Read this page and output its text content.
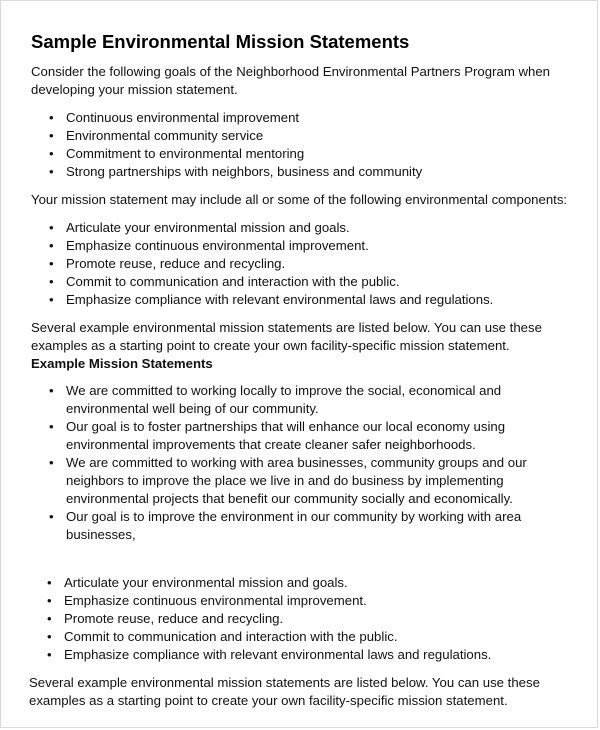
Sample Environmental Mission Statements

Consider the following goals of the Neighborhood Environmental Partners Program when developing your mission statement.

• Continuous environmental improvement
• Environmental community service
• Commitment to environmental mentoring
• Strong partnerships with neighbors, business and community

Your mission statement may include all or some of the following environmental components:

• Articulate your environmental mission and goals.
• Emphasize continuous environmental improvement.
• Promote reuse, reduce and recycling.
• Commit to communication and interaction with the public.
• Emphasize compliance with relevant environmental laws and regulations.

Several example environmental mission statements are listed below. You can use these examples as a starting point to create your own facility-specific mission statement.

Example Mission Statements

• We are committed to working locally to improve the social, economical and environmental well being of our community.
• Our goal is to foster partnerships that will enhance our local economy using environmental improvements that create cleaner safer neighborhoods.
• We are committed to working with area businesses, community groups and our neighbors to improve the place we live in and do business by implementing environmental projects that benefit our community socially and economically.
• Our goal is to improve the environment in our community by working with area businesses,
• Articulate your environmental mission and goals.
• Emphasize continuous environmental improvement.
• Promote reuse, reduce and recycling.
• Commit to communication and interaction with the public.
• Emphasize compliance with relevant environmental laws and regulations.

Several example environmental mission statements are listed below. You can use these examples as a starting point to create your own facility-specific mission statement.
